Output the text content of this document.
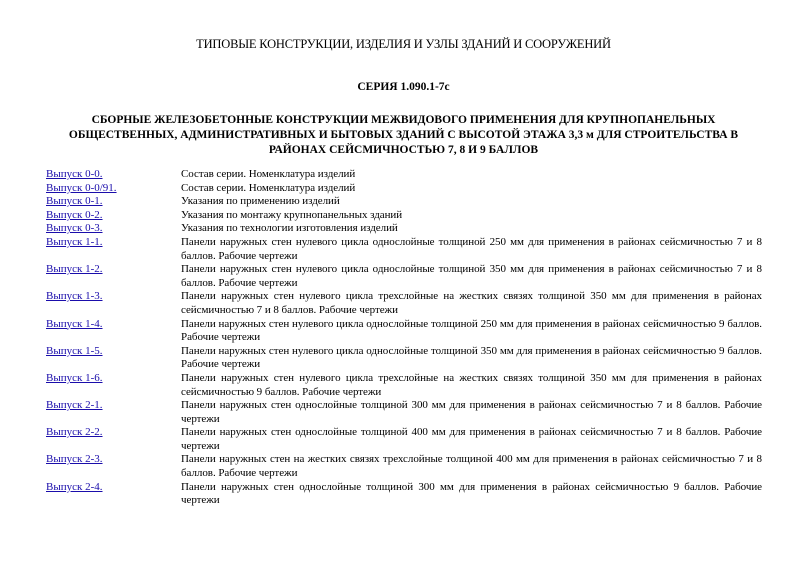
ТИПОВЫЕ КОНСТРУКЦИИ, ИЗДЕЛИЯ И УЗЛЫ ЗДАНИЙ И СООРУЖЕНИЙ
СЕРИЯ 1.090.1-7с
СБОРНЫЕ ЖЕЛЕЗОБЕТОННЫЕ КОНСТРУКЦИИ МЕЖВИДОВОГО ПРИМЕНЕНИЯ ДЛЯ КРУПНОПАНЕЛЬНЫХ ОБЩЕСТВЕННЫХ, АДМИНИСТРАТИВНЫХ И БЫТОВЫХ ЗДАНИЙ С ВЫСОТОЙ ЭТАЖА 3,3 м ДЛЯ СТРОИТЕЛЬСТВА В РАЙОНАХ СЕЙСМИЧНОСТЬЮ 7, 8 И 9 БАЛЛОВ
Выпуск 0-0.	Состав серии. Номенклатура изделий
Выпуск 0-0/91.	Состав серии. Номенклатура изделий
Выпуск 0-1.	Указания по применению изделий
Выпуск 0-2.	Указания по монтажу крупнопанельных зданий
Выпуск 0-3.	Указания по технологии изготовления изделий
Выпуск 1-1.	Панели наружных стен нулевого цикла однослойные толщиной 250 мм для применения в районах сейсмичностью 7 и 8 баллов. Рабочие чертежи
Выпуск 1-2.	Панели наружных стен нулевого цикла однослойные толщиной 350 мм для применения в районах сейсмичностью 7 и 8 баллов. Рабочие чертежи
Выпуск 1-3.	Панели наружных стен нулевого цикла трехслойные на жестких связях толщиной 350 мм для применения в районах сейсмичностью 7 и 8 баллов. Рабочие чертежи
Выпуск 1-4.	Панели наружных стен нулевого цикла однослойные толщиной 250 мм для применения в районах сейсмичностью 9 баллов. Рабочие чертежи
Выпуск 1-5.	Панели наружных стен нулевого цикла однослойные толщиной 350 мм для применения в районах сейсмичностью 9 баллов. Рабочие чертежи
Выпуск 1-6.	Панели наружных стен нулевого цикла трехслойные на жестких связях толщиной 350 мм для применения в районах сейсмичностью 9 баллов. Рабочие чертежи
Выпуск 2-1.	Панели наружных стен однослойные толщиной 300 мм для применения в районах сейсмичностью 7 и 8 баллов. Рабочие чертежи
Выпуск 2-2.	Панели наружных стен однослойные толщиной 400 мм для применения в районах сейсмичностью 7 и 8 баллов. Рабочие чертежи
Выпуск 2-3.	Панели наружных стен на жестких связях трехслойные толщиной 400 мм для применения в районах сейсмичностью 7 и 8 баллов. Рабочие чертежи
Выпуск 2-4.	Панели наружных стен однослойные толщиной 300 мм для применения в районах сейсмичностью 9 баллов. Рабочие чертежи
